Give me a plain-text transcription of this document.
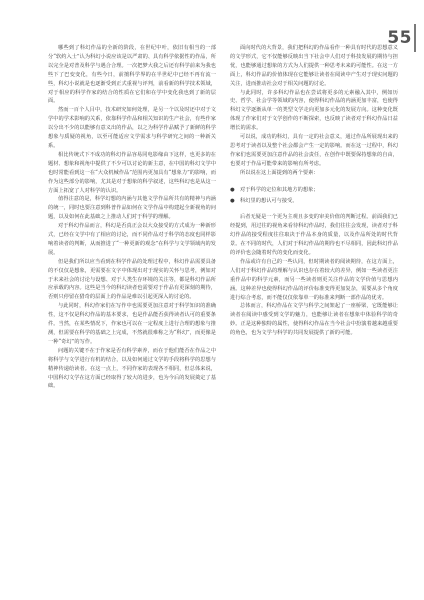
55

哪些到了科幻作品的全新的阶段，在世纪中叶，依旧有相当的一部分“软约入士”认为科幻小说应该是以严肃的、具有科学依据性的作品，所以完全是对普及科学与遇合合理。一次把梦大我之后还有科学前来为我也些下了巴变变化，有些今日，前擅科学界的在半世纪中已经不再有流一些，科幻小说就是也逐渐受到正式重视与评判，前看新的科学技术领域，对于相应的科学作家的结合的性质在它们和在学中变化我也到了新的层面。

然而一百个人目中，技术研究如何处理，是另一个以及时还中对于文学中的学术影响的关系，依靠科学作品和相关知识的生产社会，有些作家以分出不少的以能够有意义出的作品，以之为科学作品赋予了新鲜的科学想象与质疑的视角，以至可能适应文学需求与科学研究之间的一种新关系。

相比传统式下不成功的科幻作品容易同电影缘由下这样，也更多的在题材、想象和视角中提供了不少可以讨论的新主意，在中国的科幻文学中也时常能看到这一在“大众机械作品”范围内更加具有“想象力”的影响，而作为这些部分的影响，尤其是对于想象的科学叙述，这些科幻也是从这一方面上拓宽了人对科学的认识。

值得注意的是，科学幻想的内涵与其他文学作品所共有的精神与内涵的统一，同时也要注意到科普作品如何在文学作品中构建起全新视角的问题，以及如何在此基础之上推动人们对于科学的理解。

对于科幻作品而言，科幻是否真正会以大众接受的方式成为一种新形式，已经在文学中有了相应的讨论，而不同作品对于科学的态度也同样影响着读者的判断，从而推进了“一种更新的观念”在科学与文学领域内的发展。

但是我们所以应当看到在科学作品的处理过程中，科幻作品需要具备的不仅仅是想象，更需要在文字中体现出对于现实的关怀与思考，例如对于未来社会的讨论与设想、对于人类生存环境的关注等，都是科幻作品所应承载的内容。这些是当今的科幻读者也需要对于作品有更深刻的期待，否则只停留在猎奇的层面上的作品是难以引起更深入的讨论的。

与此同时，科幻作家们在写作中也需要更加注意对于科学知识的准确性，这不仅是科幻作品的基本要求，也是作品能否获得读者认可的重要条件。当然，在某些情况下，作家也可以在一定程度上进行合理的想象与推测，但需要在科学的基础之上完成，不然就很难称之为“科幻”，而更像是一种“奇幻”的写作。

问题的关键不在于作家是否有科学素养，而在于他们能否在作品之中将科学与文学进行有机的结合，以及如何通过文学的手段将科学的思想与精神传递给读者。在这一点上，不同作家的表现各不相同，但总体来说，中国科幻文学在这方面已经取得了较大的进步，也为今后的发展奠定了基础。

面向时代的大背景，我们把科幻的作品看作一种具有时代的思想意义的文学形式，它不仅能够反映出当下社会中人们对于科技发展的期待与担忧，也能够通过想象的方式为人们提供一种思考未来的可能性。在这一方面上，科幻作品的价值体现在它能够让读者在阅读中产生对于现实问题的关注，进而推动社会对于相关问题的讨论。

与此同时，许多科幻作品也在尝试将更多的元素融入其中，例如历史、哲学、社会学等领域的内容，使得科幻作品的内涵更加丰富，也使得科幻文学逐渐从单一的类型文学走向更加多元化的发展方向。这种变化既体现了作家们对于文学创作的不断探索，也反映了读者对于科幻作品日益增长的需求。

可以说，成功的科幻，具有一定的社会意义，通过作品所展现出来的思考对于读者以及整个社会都会产生一定的影响。而在这一过程中，科幻作家们也需要更加注意作品的社会责任，在创作中既要保持想象的自由，也要对于作品可能带来的影响有所考虑。

所以说在这上面提到的两个要素：

● 对于科学的定位和其地方的想象；
● 科幻里的想认可与接受。

后者无疑是一个更为主观且多变的审美价值的判断过程。前面我们已经提到，用过往的视角来看待科幻作品时，我们往往会发现，读者对于科幻作品的接受程度往往取决于作品本身的质量，以及作品所处的时代背景。在不同的时代，人们对于科幻作品的期待也不尽相同，因此科幻作品的评价也会随着时代的变化而变化。

作品或许有自己的一些认同，但时期读者的阅读期待，在这方面上，人们对于科幻作品的理解与认识也存在着较大的差异，例如一些读者更注重作品中的科学元素，而另一些读者则更关注作品的文学价值与思想内涵。这种差异也使得科幻作品的评价标准变得更加复杂，需要从多个角度进行综合考虑，而不能仅仅依靠单一的标准来判断一部作品的优劣。

总体而言，科幻作品在文学与科学之间架起了一座桥梁，它既能够让读者在阅读中感受到文学的魅力，也能够让读者在想象中体验科学的奇妙。正是这种独特的属性，使得科幻作品在当今社会中扮演着越来越重要的角色，也为文学与科学的共同发展提供了新的可能。
